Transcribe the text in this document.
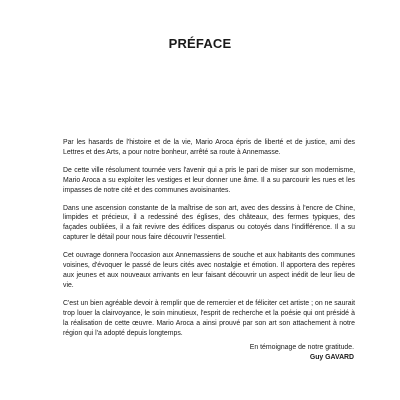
PRÉFACE

Par les hasards de l'histoire et de la vie, Mario Aroca épris de liberté et de justice, ami des Lettres et des Arts, a pour notre bonheur, arrêté sa route à Annemasse.

De cette ville résolument tournée vers l'avenir qui a pris le pari de miser sur son modernisme, Mario Aroca a su exploiter les vestiges et leur donner une âme. Il a su parcourir les rues et les impasses de notre cité et des communes avoisinantes.

Dans une ascension constante de la maîtrise de son art, avec des dessins à l'encre de Chine, limpides et précieux, il a redessiné des églises, des châteaux, des fermes typiques, des façades oubliées, il a fait revivre des édifices disparus ou cotoyés dans l'indifférence. Il a su capturer le détail pour nous faire découvrir l'essentiel.

Cet ouvrage donnera l'occasion aux Annemassiens de souche et aux habitants des communes voisines, d'évoquer le passé de leurs cités avec nostalgie et émotion. Il apportera des repères aux jeunes et aux nouveaux arrivants en leur faisant découvrir un aspect inédit de leur lieu de vie.

C'est un bien agréable devoir à remplir que de remercier et de féliciter cet artiste ; on ne saurait trop louer la clairvoyance, le soin minutieux, l'esprit de recherche et la poésie qui ont présidé à la réalisation de cette œuvre. Mario Aroca a ainsi prouvé par son art son attachement à notre région qui l'a adopté depuis longtemps.

En témoignage de notre gratitude.
Guy GAVARD
